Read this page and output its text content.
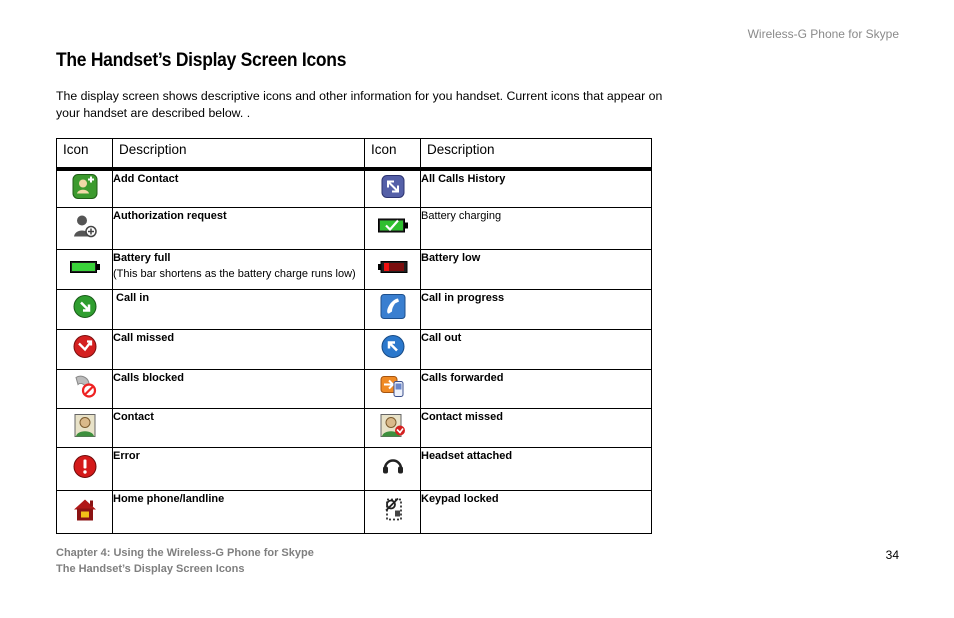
Wireless-G Phone for Skype
The Handset’s Display Screen Icons

The display screen shows descriptive icons and other information for you handset. Current icons that appear on your handset are described below. .

Icon	Description	Icon	Description

Add Contact		All Calls History

Authorization request		Battery charging

Battery full
(This bar shortens as the battery charge runs low)		Battery low

Call in		Call in progress

Call missed		Call out

Calls blocked		Calls forwarded

Contact		Contact missed

Error		Headset attached

Home phone/landline		Keypad locked
Chapter 4: Using the Wireless-G Phone for Skype
The Handset’s Display Screen Icons
34
